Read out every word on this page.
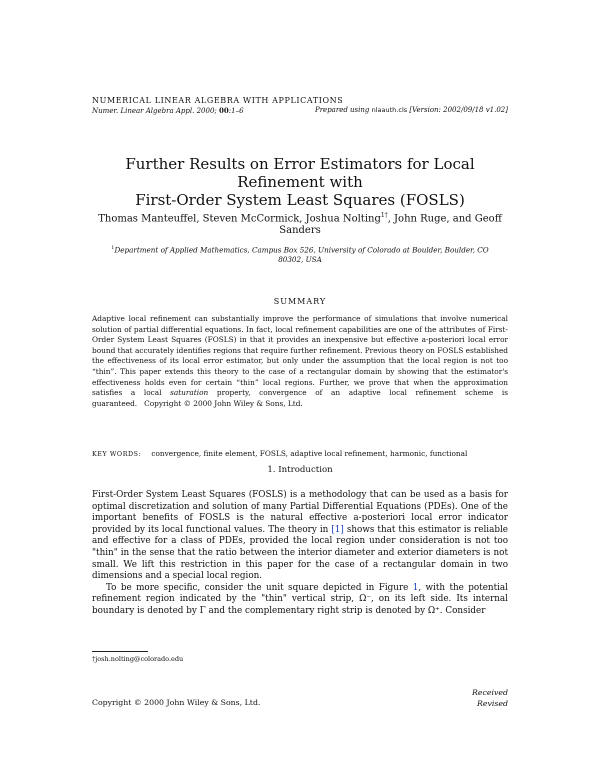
NUMERICAL LINEAR ALGEBRA WITH APPLICATIONS
Numer. Linear Algebra Appl. 2000; 00:1–6	Prepared using nlaauth.cls [Version: 2002/09/18 v1.02]
Further Results on Error Estimators for Local Refinement with
First-Order System Least Squares (FOSLS)
Thomas Manteuffel, Steven McCormick, Joshua Nolting$^{1\dagger}$, John Ruge, and Geoff
Sanders
$^1$Department of Applied Mathematics, Campus Box 526, University of Colorado at Boulder, Boulder, CO 80302, USA
SUMMARY
Adaptive local refinement can substantially improve the performance of simulations that involve numerical solution of partial differential equations. In fact, local refinement capabilities are one of the attributes of First-Order System Least Squares (FOSLS) in that it provides an inexpensive but effective a-posteriori local error bound that accurately identifies regions that require further refinement. Previous theory on FOSLS established the effectiveness of its local error estimator, but only under the assumption that the local region is not too “thin”. This paper extends this theory to the case of a rectangular domain by showing that the estimator's effectiveness holds even for certain “thin” local regions. Further, we prove that when the approximation satisfies a local saturation property, convergence of an adaptive local refinement scheme is guaranteed. Copyright © 2000 John Wiley & Sons, Ltd.
KEY WORDS: convergence, finite element, FOSLS, adaptive local refinement, harmonic, functional
1. Introduction

First-Order System Least Squares (FOSLS) is a methodology that can be used as a basis for optimal discretization and solution of many Partial Differential Equations (PDEs). One of the important benefits of FOSLS is the natural effective a-posteriori local error indicator provided by its local functional values. The theory in [1] shows that this estimator is reliable and effective for a class of PDEs, provided the local region under consideration is not too "thin" in the sense that the ratio between the interior diameter and exterior diameters is not small. We lift this restriction in this paper for the case of a rectangular domain in two dimensions and a special local region.

To be more specific, consider the unit square depicted in Figure 1, with the potential refinement region indicated by the "thin" vertical strip, Ω⁻, on its left side. Its internal boundary is denoted by Γ and the complementary right strip is denoted by Ω⁺. Consider

†josh.nolting@colorado.edu
Copyright © 2000 John Wiley & Sons, Ltd.
Received
Revised
